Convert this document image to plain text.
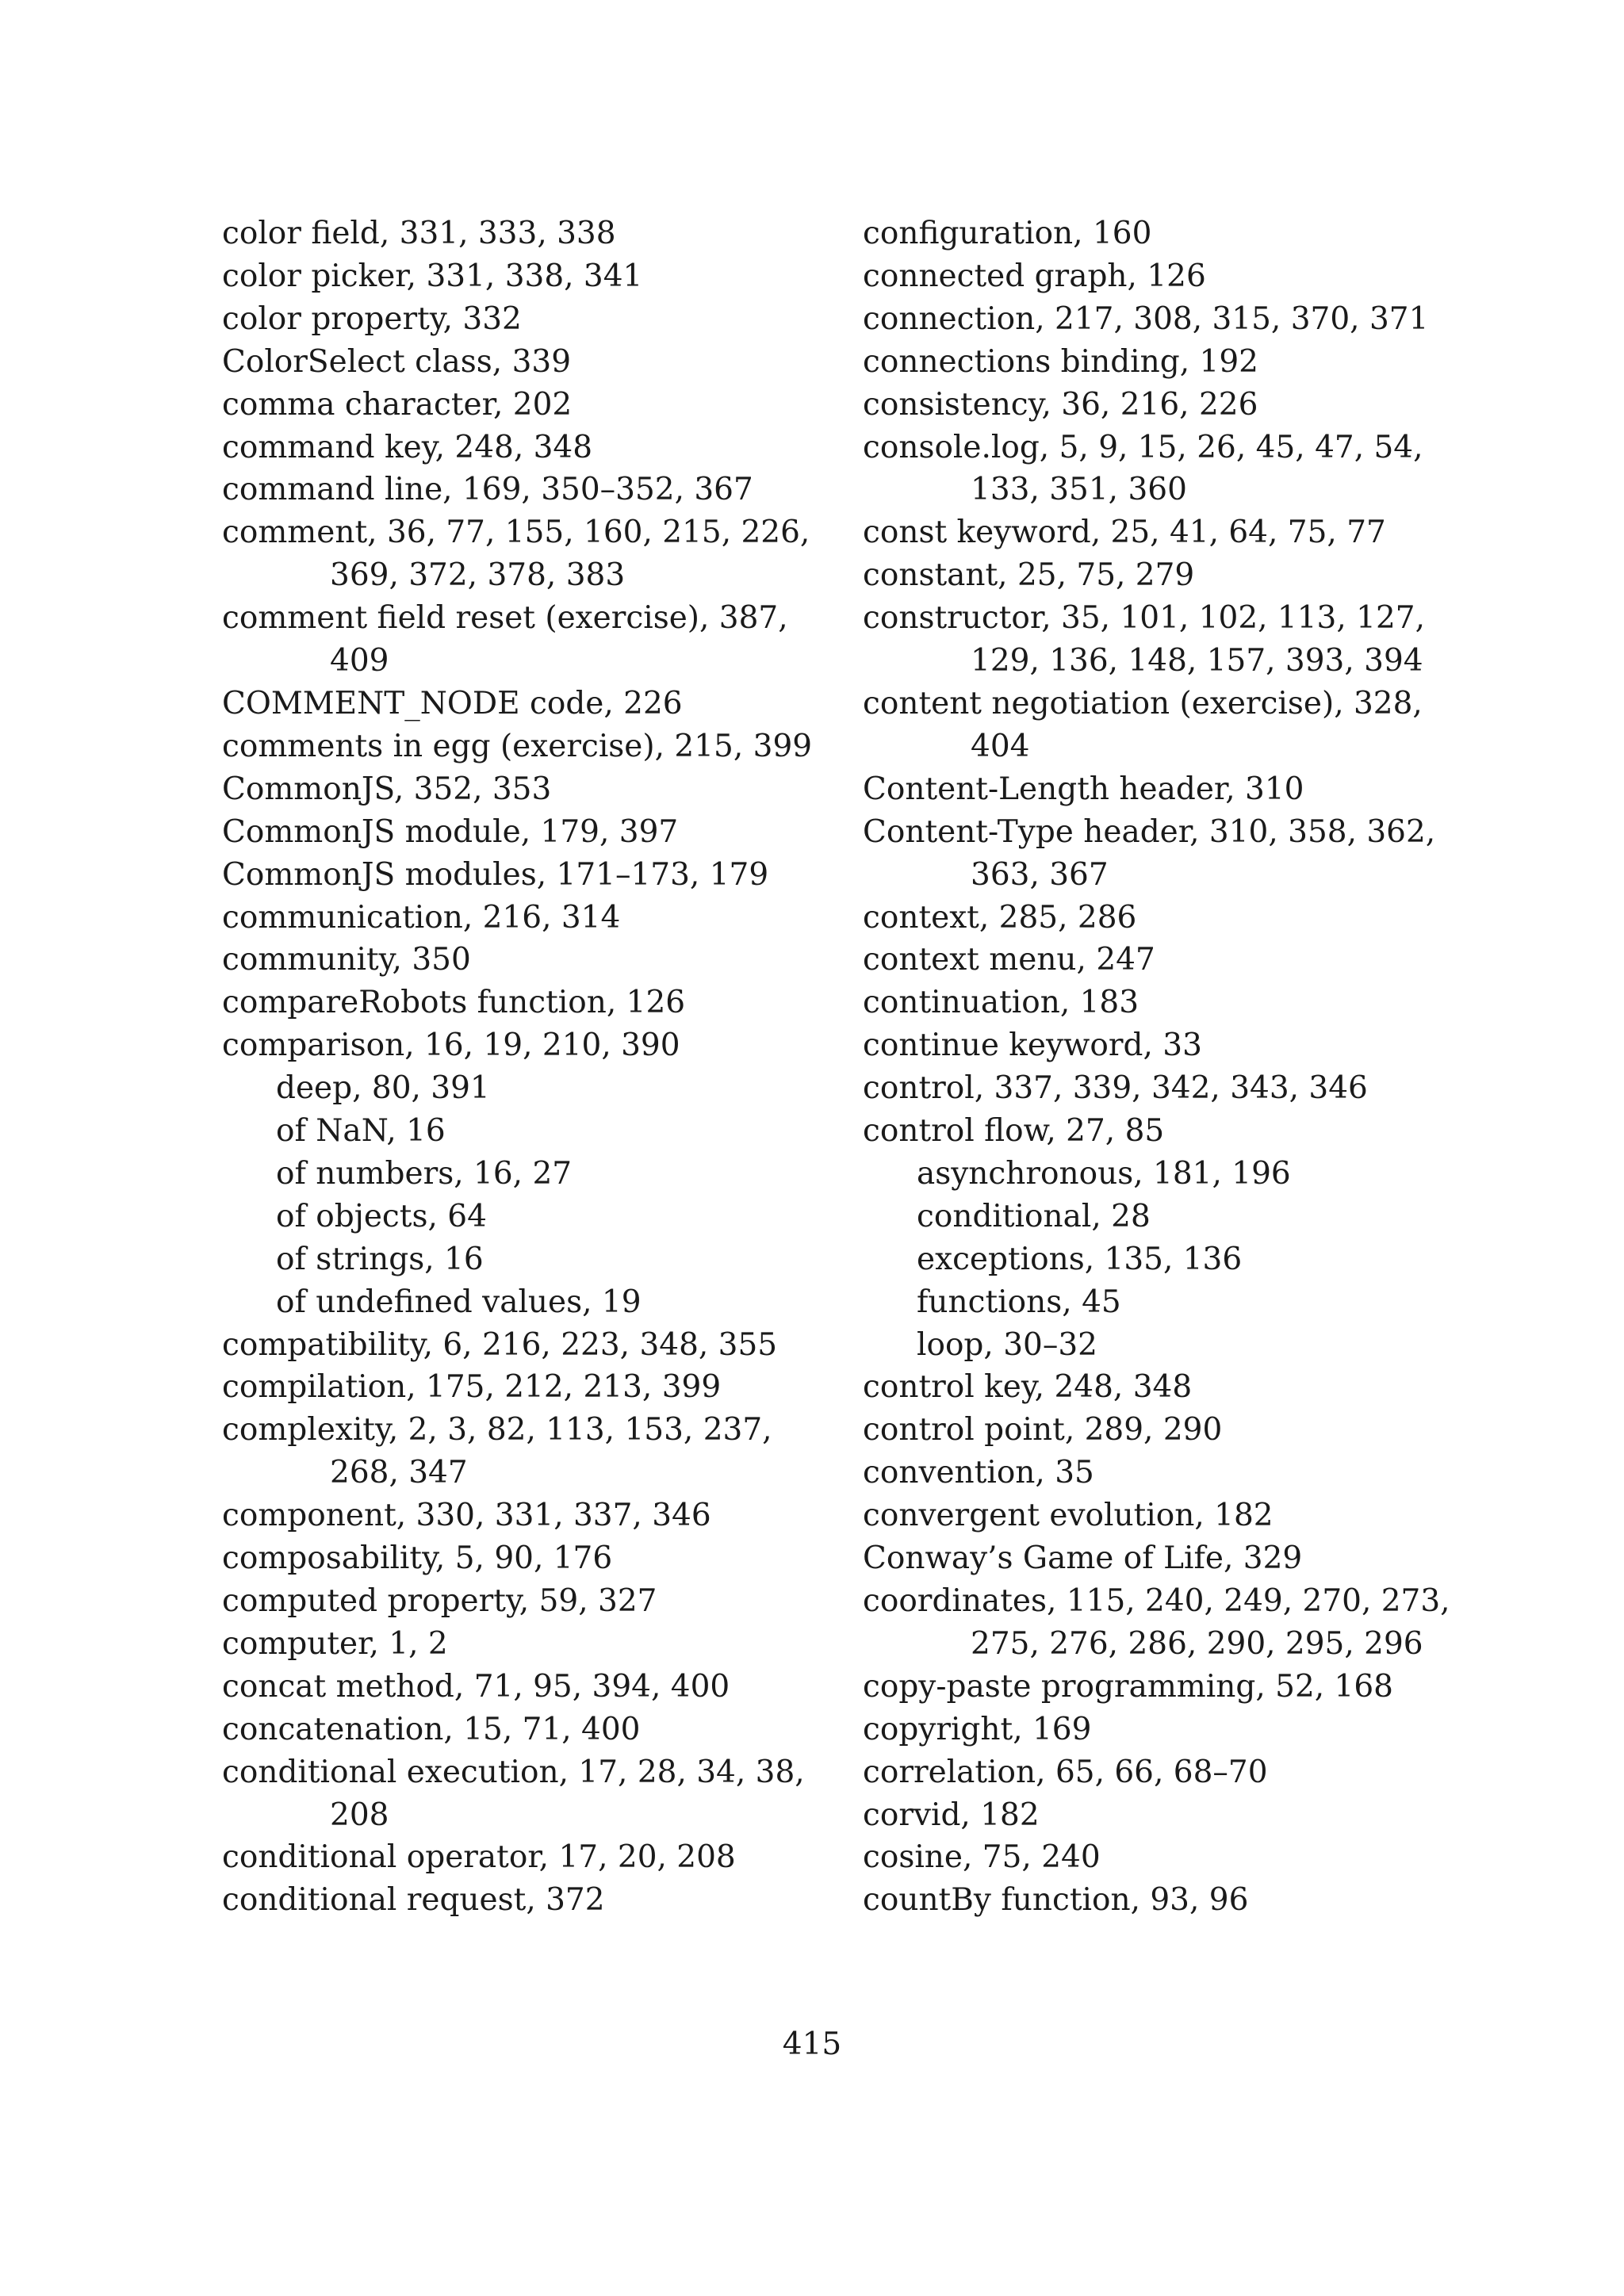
color field, 331, 333, 338
color picker, 331, 338, 341
color property, 332
ColorSelect class, 339
comma character, 202
command key, 248, 348
command line, 169, 350–352, 367
comment, 36, 77, 155, 160, 215, 226,
369, 372, 378, 383
comment field reset (exercise), 387,
409
COMMENT_NODE code, 226
comments in egg (exercise), 215, 399
CommonJS, 352, 353
CommonJS module, 179, 397
CommonJS modules, 171–173, 179
communication, 216, 314
community, 350
compareRobots function, 126
comparison, 16, 19, 210, 390
deep, 80, 391
of NaN, 16
of numbers, 16, 27
of objects, 64
of strings, 16
of undefined values, 19
compatibility, 6, 216, 223, 348, 355
compilation, 175, 212, 213, 399
complexity, 2, 3, 82, 113, 153, 237,
268, 347
component, 330, 331, 337, 346
composability, 5, 90, 176
computed property, 59, 327
computer, 1, 2
concat method, 71, 95, 394, 400
concatenation, 15, 71, 400
conditional execution, 17, 28, 34, 38,
208
conditional operator, 17, 20, 208
conditional request, 372
configuration, 160
connected graph, 126
connection, 217, 308, 315, 370, 371
connections binding, 192
consistency, 36, 216, 226
console.log, 5, 9, 15, 26, 45, 47, 54,
133, 351, 360
const keyword, 25, 41, 64, 75, 77
constant, 25, 75, 279
constructor, 35, 101, 102, 113, 127,
129, 136, 148, 157, 393, 394
content negotiation (exercise), 328,
404
Content-Length header, 310
Content-Type header, 310, 358, 362,
363, 367
context, 285, 286
context menu, 247
continuation, 183
continue keyword, 33
control, 337, 339, 342, 343, 346
control flow, 27, 85
asynchronous, 181, 196
conditional, 28
exceptions, 135, 136
functions, 45
loop, 30–32
control key, 248, 348
control point, 289, 290
convention, 35
convergent evolution, 182
Conway’s Game of Life, 329
coordinates, 115, 240, 249, 270, 273,
275, 276, 286, 290, 295, 296
copy-paste programming, 52, 168
copyright, 169
correlation, 65, 66, 68–70
corvid, 182
cosine, 75, 240
countBy function, 93, 96
415
